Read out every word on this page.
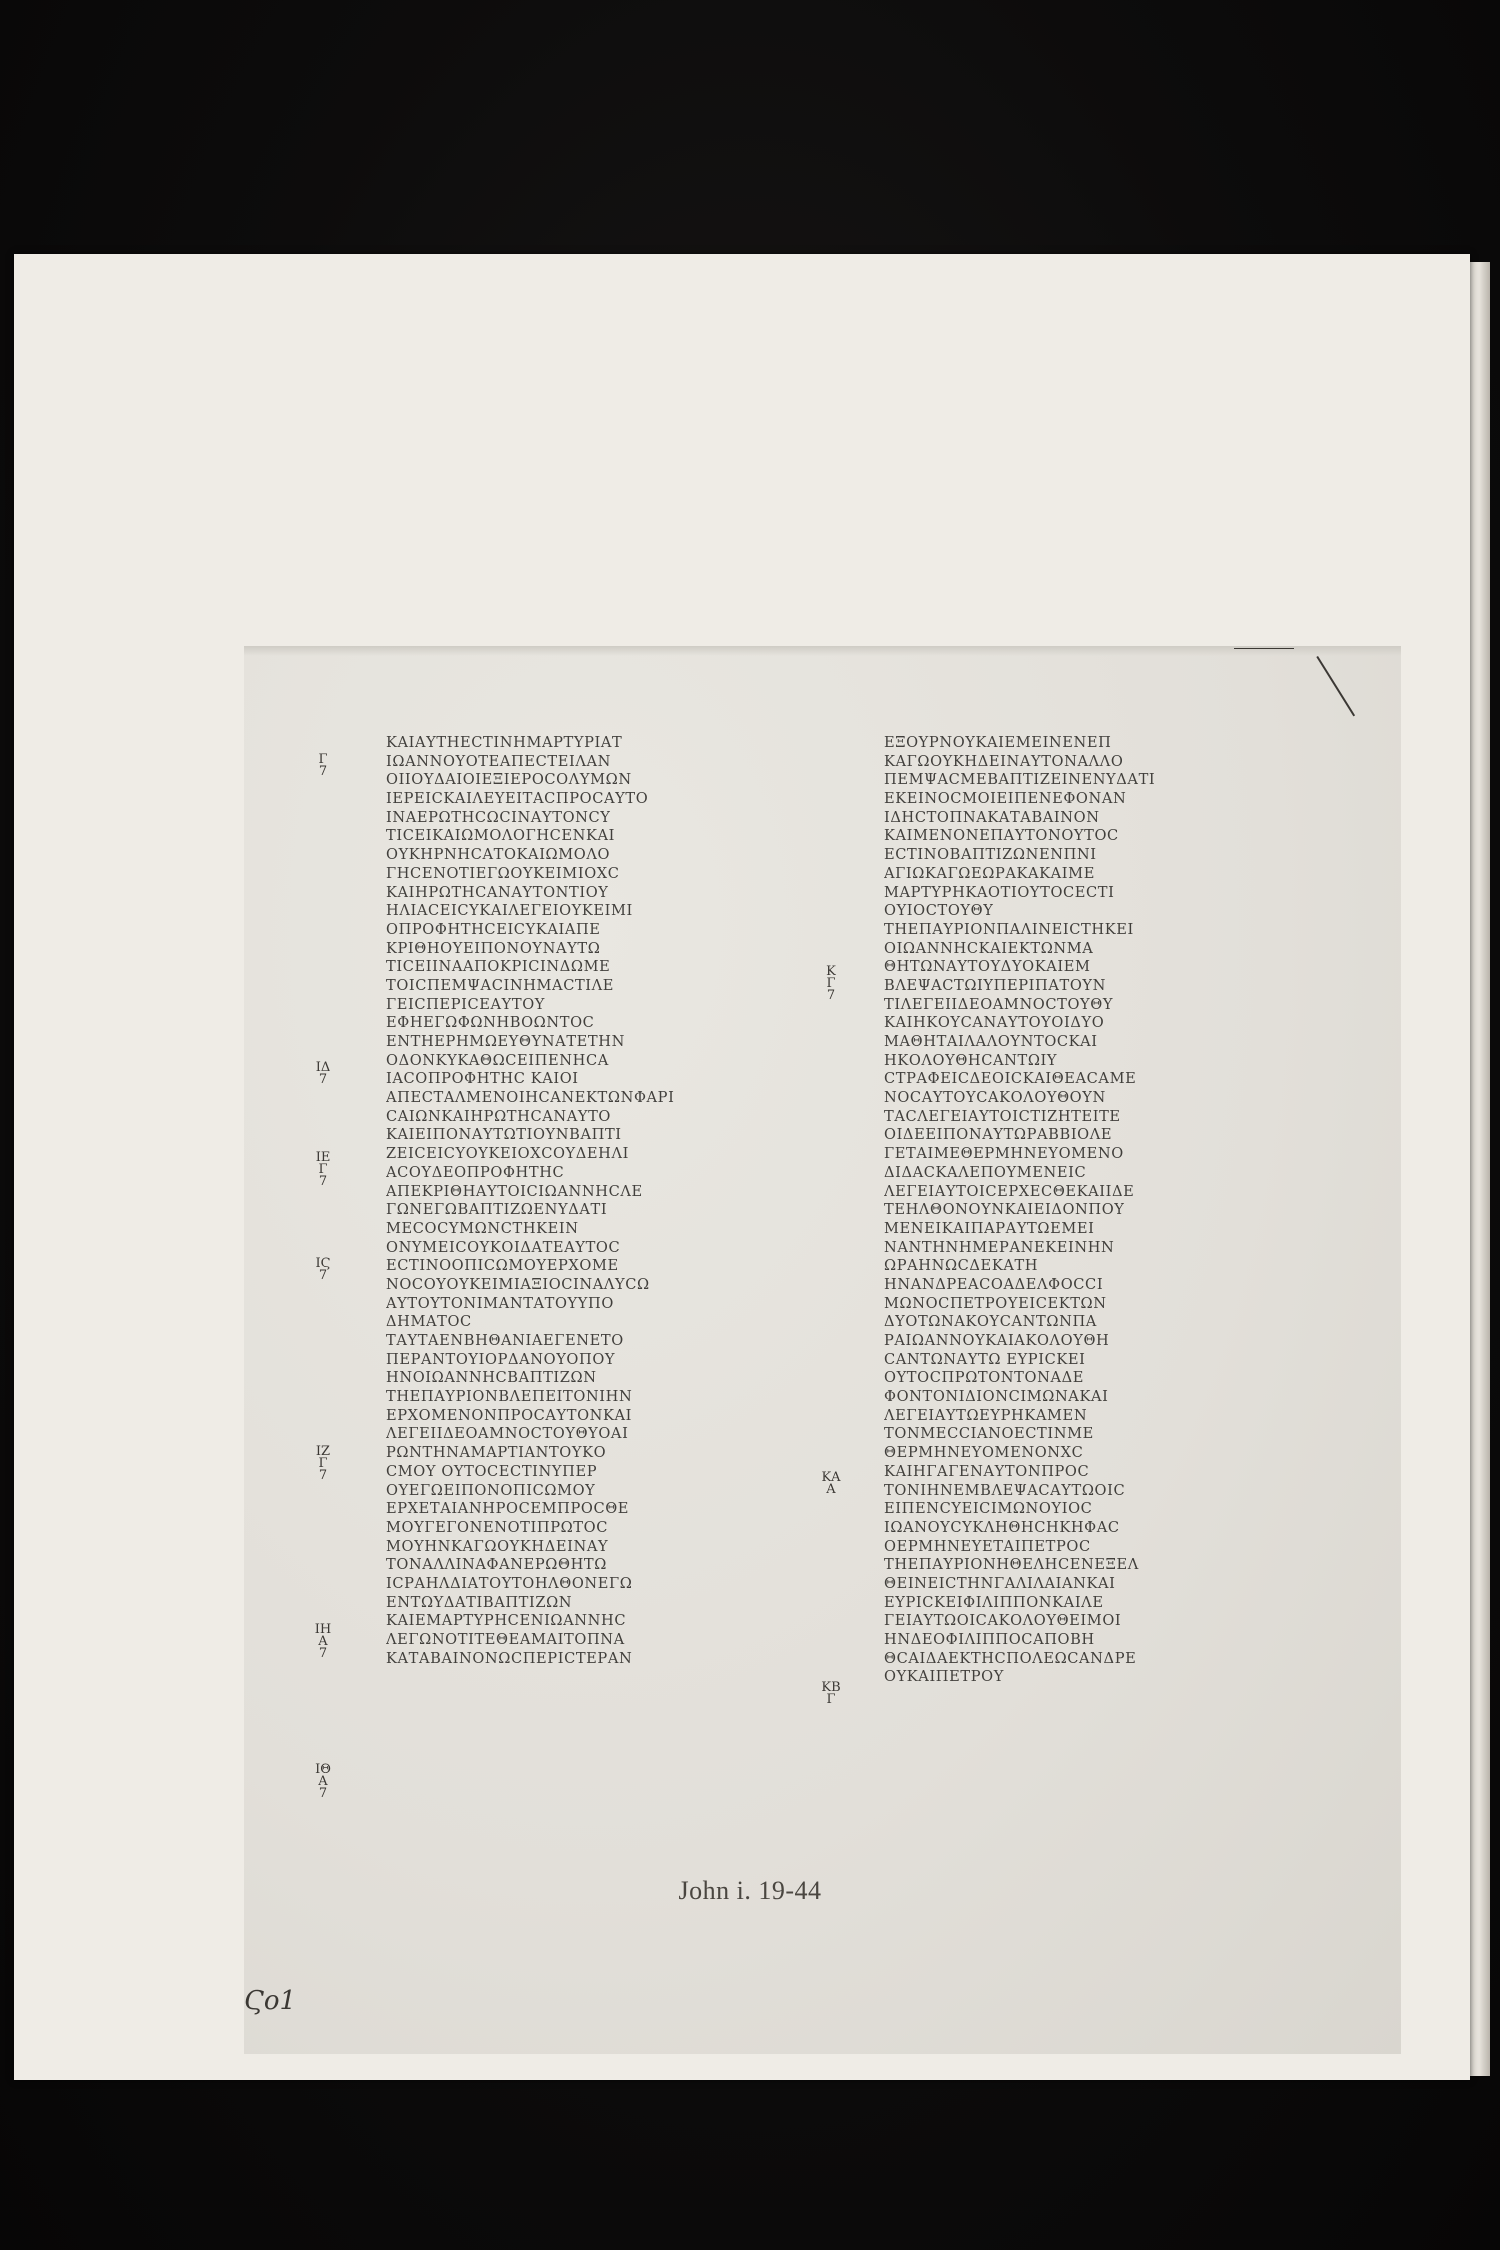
ΚΑΙΑΥΤΗΕCΤΙΝΗΜΑΡΤΥΡΙΑΤ
ΙΩΑΝΝΟΥΟΤΕΑΠΕCΤΕΙΛΑΝ
ΟΙΙΟΥΔΑΙΟΙΕΞΙΕΡΟCΟΛΥΜΩΝ
ΙΕΡΕΙCΚΑΙΛΕΥΕΙΤΑCΠΡΟCΑΥΤΟ
ΙΝΑΕΡΩΤΗCΩCΙΝΑΥΤΟΝCΥ
ΤΙCΕΙΚΑΙΩΜΟΛΟΓΗCΕΝΚΑΙ
ΟΥΚΗΡΝΗCΑΤΟΚΑΙΩΜΟΛΟ
ΓΗCΕΝΟΤΙΕΓΩΟΥΚΕΙΜΙΟΧC
ΚΑΙΗΡΩΤΗCΑΝΑΥΤΟΝΤΙΟΥ
ΗΛΙΑCΕΙCΥΚΑΙΛΕΓΕΙΟΥΚΕΙΜΙ
ΟΠΡΟΦΗΤΗCΕΙCΥΚΑΙΑΠΕ
ΚΡΙΘΗΟΥΕΙΠΟΝΟΥΝΑΥΤΩ
ΤΙCΕΙΙΝΑΑΠΟΚΡΙCΙΝΔΩΜΕ
ΤΟΙCΠΕΜΨΑCΙΝΗΜΑCΤΙΛΕ
ΓΕΙCΠΕΡΙCΕΑΥΤΟΥ
ΕΦΗΕΓΩΦΩΝΗΒΟΩΝΤΟC
ΕΝΤΗΕΡΗΜΩΕΥΘΥΝΑΤΕΤΗΝ
ΟΔΟΝΚΥΚΑΘΩCΕΙΠΕΝΗCΑ
ΙΑCΟΠΡΟΦΗΤΗC ΚΑΙΟΙ
ΑΠΕCΤΑΛΜΕΝΟΙΗCΑΝΕΚΤΩΝΦΑΡΙ
CΑΙΩΝΚΑΙΗΡΩΤΗCΑΝΑΥΤΟ
ΚΑΙΕΙΠΟΝΑΥΤΩΤΙΟΥΝΒΑΠΤΙ
ΖΕΙCΕΙCΥΟΥΚΕΙΟΧCΟΥΔΕΗΛΙ
ΑCΟΥΔΕΟΠΡΟΦΗΤΗC
ΑΠΕΚΡΙΘΗΑΥΤΟΙCΙΩΑΝΝΗCΛΕ
ΓΩΝΕΓΩΒΑΠΤΙΖΩΕΝΥΔΑΤΙ
ΜΕCΟCΥΜΩΝCΤΗΚΕΙΝ
ΟΝΥΜΕΙCΟΥΚΟΙΔΑΤΕΑΥΤΟC
ΕCΤΙΝΟΟΠΙCΩΜΟΥΕΡΧΟΜΕ
ΝΟCΟΥΟΥΚΕΙΜΙΑΞΙΟCΙΝΑΛΥCΩ
ΑΥΤΟΥΤΟΝΙΜΑΝΤΑΤΟΥΥΠΟ
ΔΗΜΑΤΟC
ΤΑΥΤΑΕΝΒΗΘΑΝΙΑΕΓΕΝΕΤΟ
ΠΕΡΑΝΤΟΥΙΟΡΔΑΝΟΥΟΠΟΥ
ΗΝΟΙΩΑΝΝΗCΒΑΠΤΙΖΩΝ
ΤΗΕΠΑΥΡΙΟΝΒΛΕΠΕΙΤΟΝΙΗΝ
ΕΡΧΟΜΕΝΟΝΠΡΟCΑΥΤΟΝΚΑΙ
ΛΕΓΕΙΙΔΕΟΑΜΝΟCΤΟΥΘΥΟΑΙ
ΡΩΝΤΗΝΑΜΑΡΤΙΑΝΤΟΥΚΟ
CΜΟΥ ΟΥΤΟCΕCΤΙΝΥΠΕΡ
ΟΥΕΓΩΕΙΠΟΝΟΠΙCΩΜΟΥ
ΕΡΧΕΤΑΙΑΝΗΡΟCΕΜΠΡΟCΘΕ
ΜΟΥΓΕΓΟΝΕΝΟΤΙΠΡΩΤΟC
ΜΟΥΗΝΚΑΓΩΟΥΚΗΔΕΙΝΑΥ
ΤΟΝΑΛΛΙΝΑΦΑΝΕΡΩΘΗΤΩ
ΙCΡΑΗΛΔΙΑΤΟΥΤΟΗΛΘΟΝΕΓΩ
ΕΝΤΩΥΔΑΤΙΒΑΠΤΙΖΩΝ
ΚΑΙΕΜΑΡΤΥΡΗCΕΝΙΩΑΝΝΗC
ΛΕΓΩΝΟΤΙΤΕΘΕΑΜΑΙΤΟΠΝΑ
ΚΑΤΑΒΑΙΝΟΝΩCΠΕΡΙCΤΕΡΑΝ
ΕΞΟΥΡΝΟΥΚΑΙΕΜΕΙΝΕΝΕΠ
ΚΑΓΩΟΥΚΗΔΕΙΝΑΥΤΟΝΑΛΛΟ
ΠΕΜΨΑCΜΕΒΑΠΤΙΖΕΙΝΕΝΥΔΑΤΙ
ΕΚΕΙΝΟCΜΟΙΕΙΠΕΝΕΦΟΝΑΝ
ΙΔΗCΤΟΠΝΑΚΑΤΑΒΑΙΝΟΝ
ΚΑΙΜΕΝΟΝΕΠΑΥΤΟΝΟΥΤΟC
ΕCΤΙΝΟΒΑΠΤΙΖΩΝΕΝΠΝΙ
ΑΓΙΩΚΑΓΩΕΩΡΑΚΑΚΑΙΜΕ
ΜΑΡΤΥΡΗΚΑΟΤΙΟΥΤΟCΕCΤΙ
ΟΥΙΟCΤΟΥΘΥ
ΤΗΕΠΑΥΡΙΟΝΠΑΛΙΝΕΙCΤΗΚΕΙ
ΟΙΩΑΝΝΗCΚΑΙΕΚΤΩΝΜΑ
ΘΗΤΩΝΑΥΤΟΥΔΥΟΚΑΙΕΜ
ΒΛΕΨΑCΤΩΙΥΠΕΡΙΠΑΤΟΥΝ
ΤΙΛΕΓΕΙΙΔΕΟΑΜΝΟCΤΟΥΘΥ
ΚΑΙΗΚΟΥCΑΝΑΥΤΟΥΟΙΔΥΟ
ΜΑΘΗΤΑΙΛΑΛΟΥΝΤΟCΚΑΙ
ΗΚΟΛΟΥΘΗCΑΝΤΩΙΥ
CΤΡΑΦΕΙCΔΕΟΙCΚΑΙΘΕΑCΑΜΕ
ΝΟCΑΥΤΟΥCΑΚΟΛΟΥΘΟΥΝ
ΤΑCΛΕΓΕΙΑΥΤΟΙCΤΙΖΗΤΕΙΤΕ
ΟΙΔΕΕΙΠΟΝΑΥΤΩΡΑΒΒΙΟΛΕ
ΓΕΤΑΙΜΕΘΕΡΜΗΝΕΥΟΜΕΝΟ
ΔΙΔΑCΚΑΛΕΠΟΥΜΕΝΕΙC
ΛΕΓΕΙΑΥΤΟΙCΕΡΧΕCΘΕΚΑΙΙΔΕ
ΤΕΗΛΘΟΝΟΥΝΚΑΙΕΙΔΟΝΠΟΥ
ΜΕΝΕΙΚΑΙΠΑΡΑΥΤΩΕΜΕΙ
ΝΑΝΤΗΝΗΜΕΡΑΝΕΚΕΙΝΗΝ
ΩΡΑΗΝΩCΔΕΚΑΤΗ
ΗΝΑΝΔΡΕΑCΟΑΔΕΛΦΟCCΙ
ΜΩΝΟCΠΕΤΡΟΥΕΙCΕΚΤΩΝ
ΔΥΟΤΩΝΑΚΟΥCΑΝΤΩΝΠΑ
ΡΑΙΩΑΝΝΟΥΚΑΙΑΚΟΛΟΥΘΗ
CΑΝΤΩΝΑΥΤΩ ΕΥΡΙCΚΕΙ
ΟΥΤΟCΠΡΩΤΟΝΤΟΝΑΔΕ
ΦΟΝΤΟΝΙΔΙΟΝCΙΜΩΝΑΚΑΙ
ΛΕΓΕΙΑΥΤΩΕΥΡΗΚΑΜΕΝ
ΤΟΝΜΕCCΙΑΝΟΕCΤΙΝΜΕ
ΘΕΡΜΗΝΕΥΟΜΕΝΟΝΧC
ΚΑΙΗΓΑΓΕΝΑΥΤΟΝΠΡΟC
ΤΟΝΙΗΝΕΜΒΛΕΨΑCΑΥΤΩΟΙC
ΕΙΠΕΝCΥΕΙCΙΜΩΝΟΥΙΟC
ΙΩΑΝΟΥCΥΚΛΗΘΗCΗΚΗΦΑC
ΟΕΡΜΗΝΕΥΕΤΑΙΠΕΤΡΟC
ΤΗΕΠΑΥΡΙΟΝΗΘΕΛΗCΕΝΕΞΕΛ
ΘΕΙΝΕΙCΤΗΝΓΑΛΙΛΑΙΑΝΚΑΙ
ΕΥΡΙCΚΕΙΦΙΛΙΠΠΟΝΚΑΙΛΕ
ΓΕΙΑΥΤΩΟΙCΑΚΟΛΟΥΘΕΙΜΟΙ
ΗΝΔΕΟΦΙΛΙΠΠΟCΑΠΟΒΗ
ΘCΑΙΔΑΕΚΤΗCΠΟΛΕΩCΑΝΔΡΕ
ΟΥΚΑΙΠΕΤΡΟΥ
Γ
7
ΙΔ
7
ΙΕ
Γ
7
ΙϚ
7
ΙΖ
Γ
7
ΙΗ
Α
7
ΙΘ
Α
7
Κ
Γ
7
ΚΑ
Α
ΚΒ
Γ
Ϛο1
John i. 19-44
